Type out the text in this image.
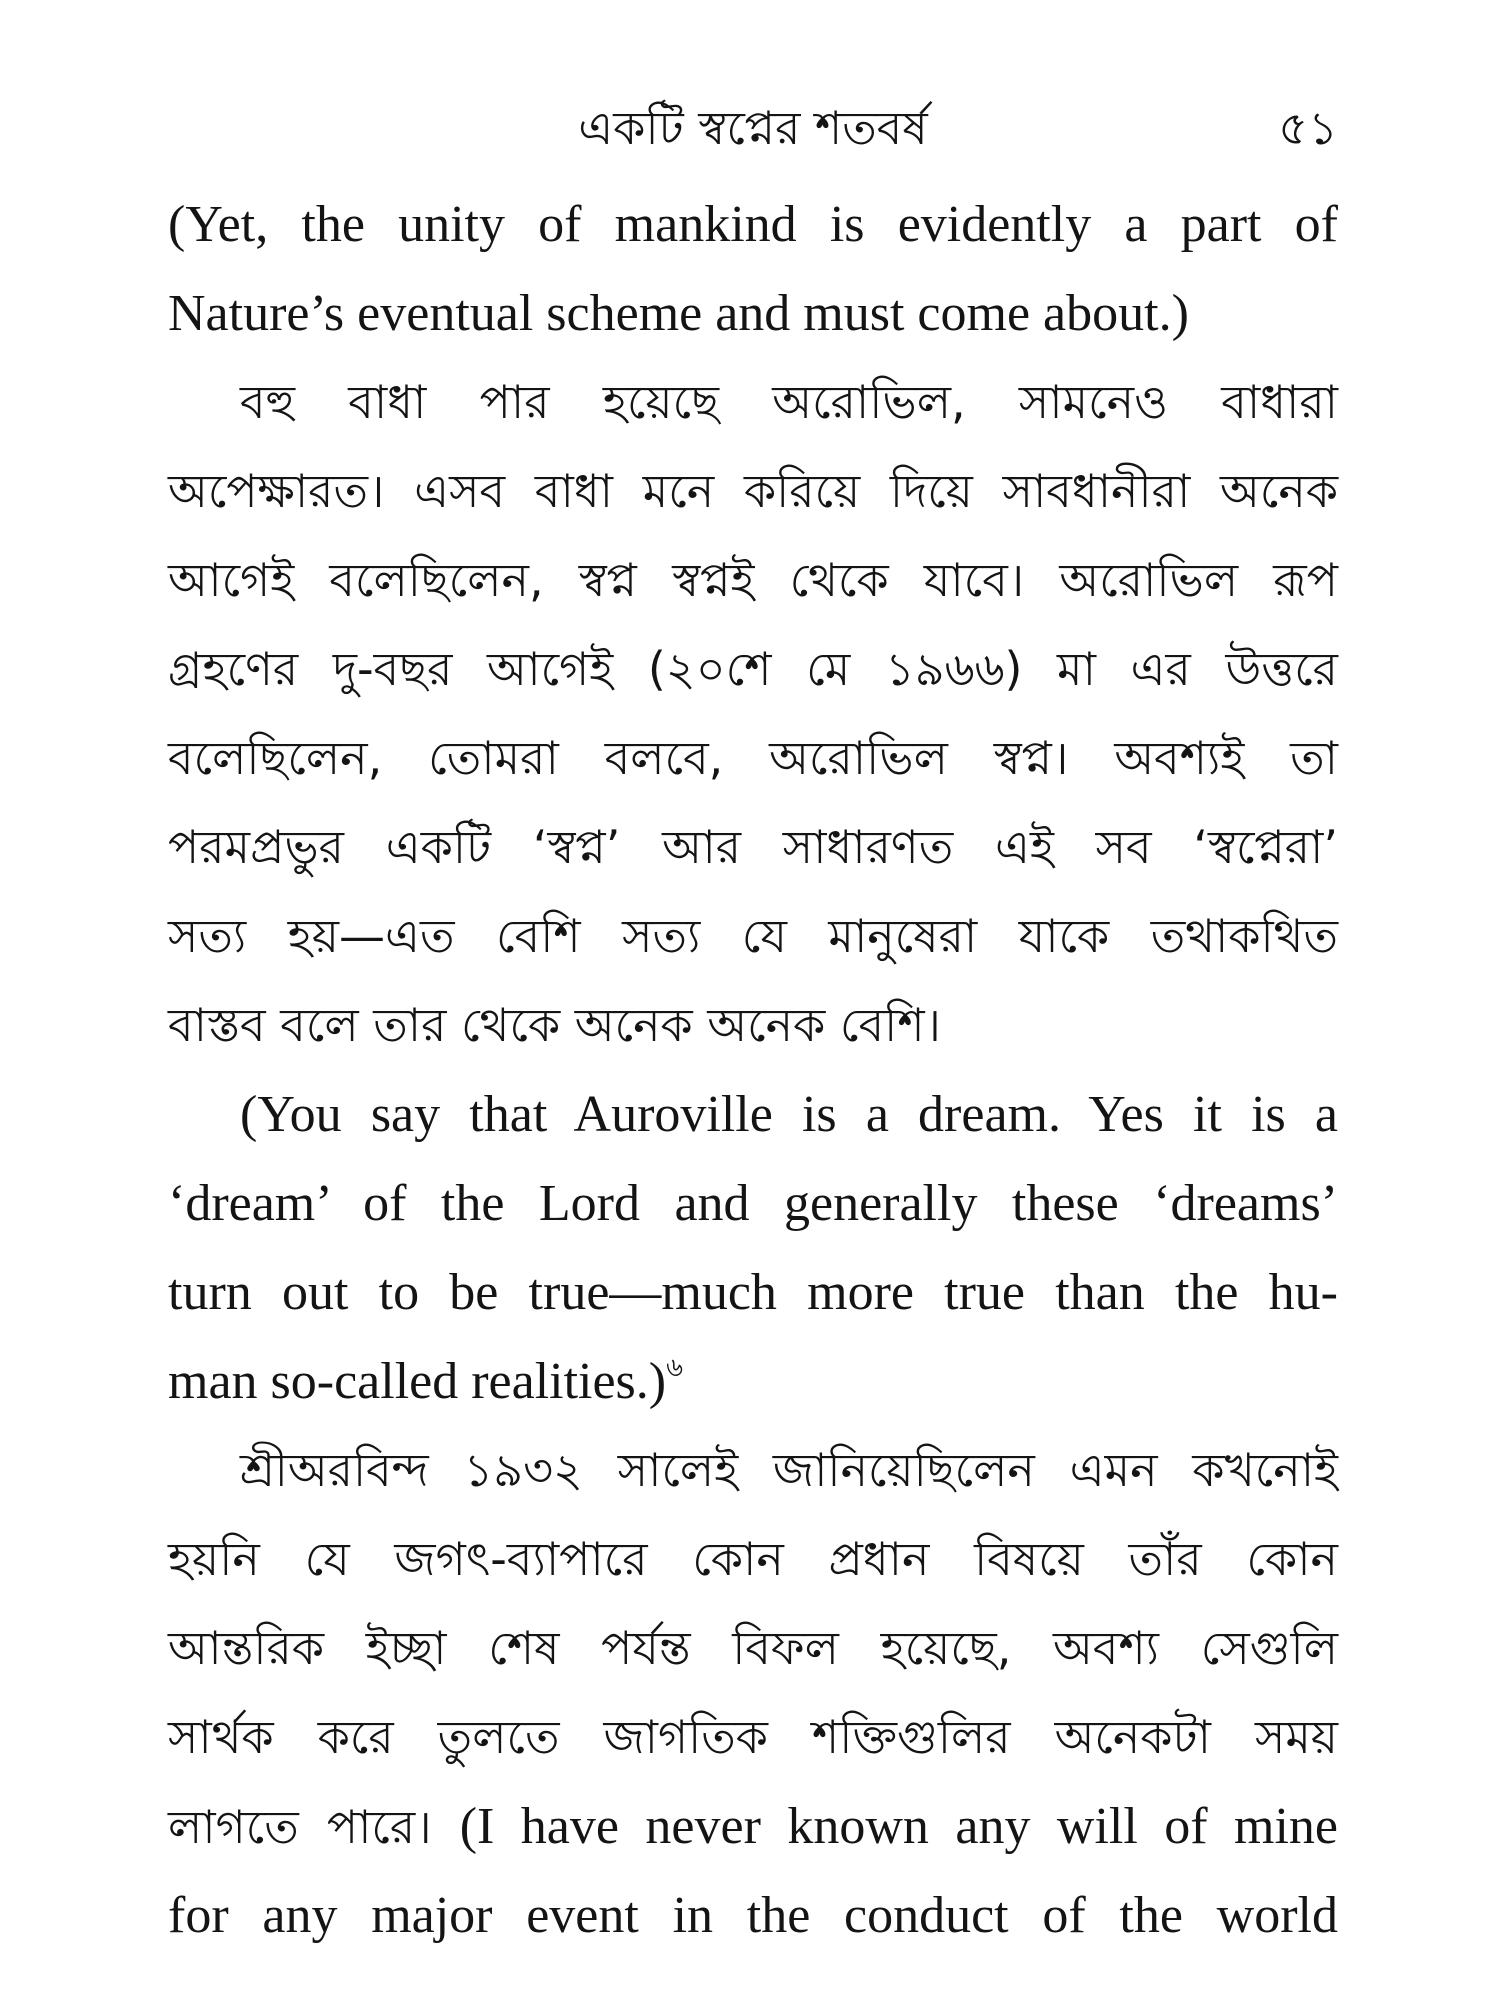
একটি স্বপ্নের শতবর্ষ	৫১
(Yet, the unity of mankind is evidently a part of
Nature’s eventual scheme and must come about.)
বহু বাধা পার হয়েছে অরোভিল, সামনেও বাধারা
অপেক্ষারত। এসব বাধা মনে করিয়ে দিয়ে সাবধানীরা অনেক
আগেই বলেছিলেন, স্বপ্ন স্বপ্নই থেকে যাবে। অরোভিল রূপ
গ্রহণের দু-বছর আগেই (২০শে মে ১৯৬৬) মা এর উত্তরে
বলেছিলেন, তোমরা বলবে, অরোভিল স্বপ্ন। অবশ্যই তা
পরমপ্রভুর একটি ‘স্বপ্ন’ আর সাধারণত এই সব ‘স্বপ্নেরা’
সত্য হয়—এত বেশি সত্য যে মানুষেরা যাকে তথাকথিত
বাস্তব বলে তার থেকে অনেক অনেক বেশি।
(You say that Auroville is a dream. Yes it is a
‘dream’ of the Lord and generally these ‘dreams’
turn out to be true—much more true than the hu-
man so-called realities.)$^৬$
শ্রীঅরবিন্দ ১৯৩২ সালেই জানিয়েছিলেন এমন কখনোই
হয়নি যে জগৎ-ব্যাপারে কোন প্রধান বিষয়ে তাঁর কোন
আন্তরিক ইচ্ছা শেষ পর্যন্ত বিফল হয়েছে, অবশ্য সেগুলি
সার্থক করে তুলতে জাগতিক শক্তিগুলির অনেকটা সময়
লাগতে পারে। (I have never known any will of mine
for any major event in the conduct of the world
